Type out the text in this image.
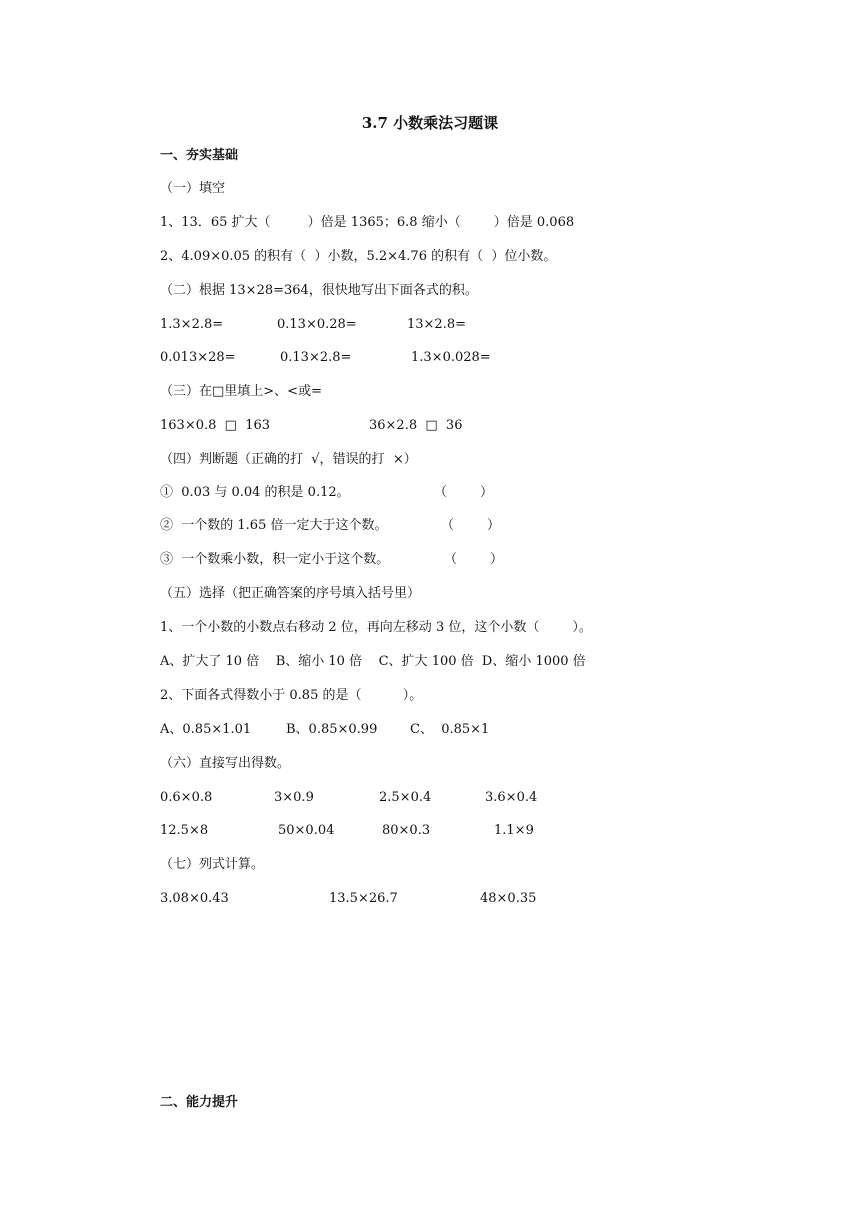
3.7 小数乘法习题课
一、夯实基础
（一）填空
1、13．65 扩大（         ）倍是 1365；6.8 缩小（        ）倍是 0.068
2、4.09×0.05 的积有（  ）小数，5.2×4.76 的积有（  ）位小数。
（二）根据 13×28=364，很快地写出下面各式的积。
1.3×2.8=	0.13×0.28=	13×2.8=
0.013×28=	0.13×2.8=	1.3×0.028=
（三）在□里填上>、<或=
163×0.8  □  163	36×2.8  □  36
（四）判断题（正确的打  √，错误的打  ×）
①  0.03 与 0.04 的积是 0.12。	（        ）
②  一个数的 1.65 倍一定大于这个数。	（        ）
③  一个数乘小数，积一定小于这个数。	（        ）
（五）选择（把正确答案的序号填入括号里）
1、一个小数的小数点右移动 2 位，再向左移动 3 位，这个小数（        ）。
A、扩大了 10 倍    B、缩小 10 倍    C、扩大 100 倍  D、缩小 1000 倍
2、下面各式得数小于 0.85 的是（          ）。
A、0.85×1.01	B、0.85×0.99	C、  0.85×1
（六）直接写出得数。
0.6×0.8	3×0.9	2.5×0.4	3.6×0.4
12.5×8	50×0.04	80×0.3	1.1×9
（七）列式计算。
3.08×0.43	13.5×26.7	48×0.35
二、能力提升
